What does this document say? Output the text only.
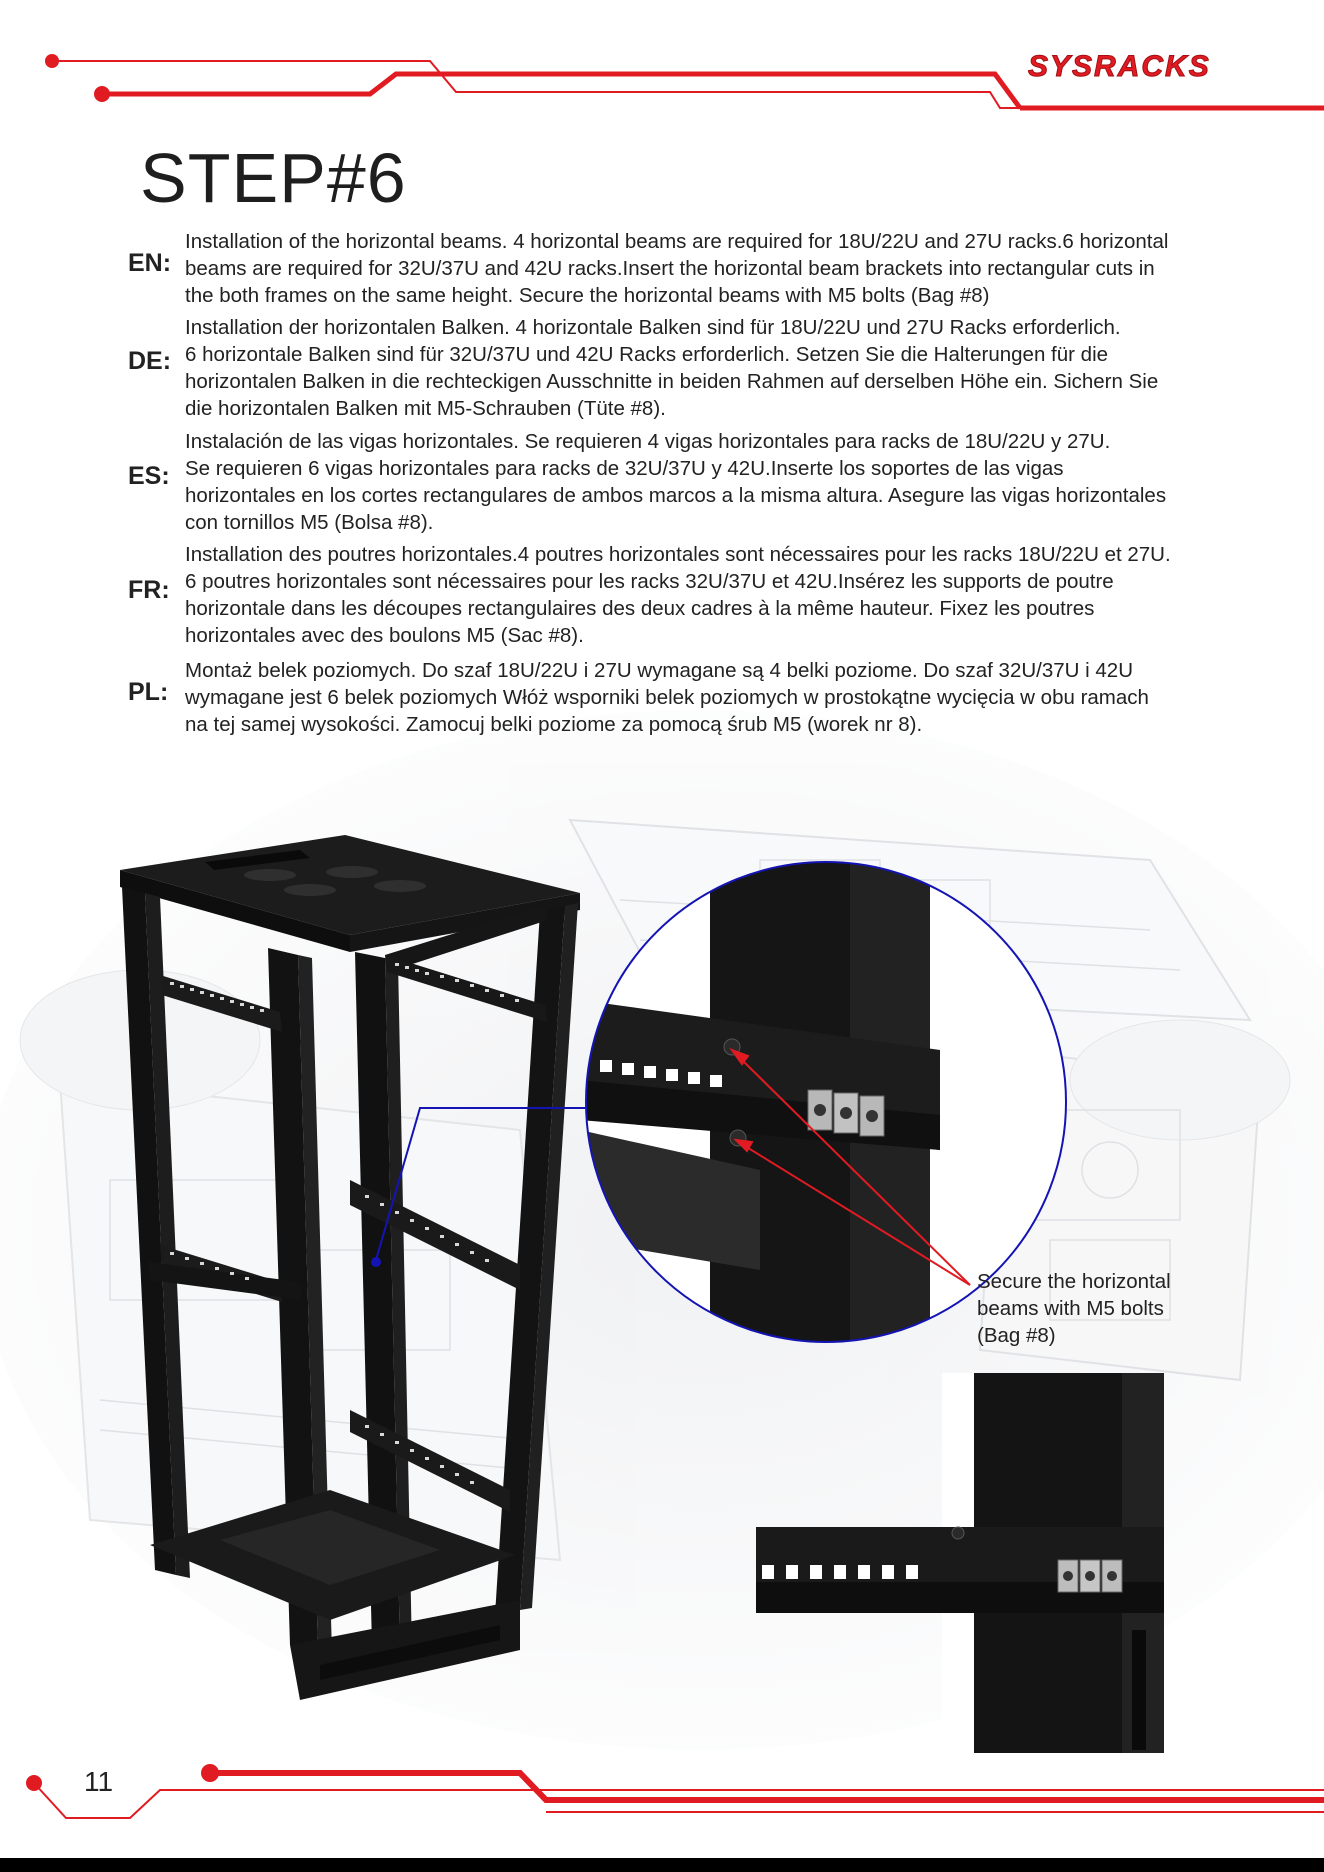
SYSRACKS
STEP#6
EN:
Installation of the horizontal beams. 4 horizontal beams are required for 18U/22U and 27U racks.6 horizontal
beams are required for 32U/37U and 42U racks.Insert the horizontal beam brackets into rectangular cuts in
the both frames on the same height. Secure the horizontal beams with M5 bolts (Bag #8)
DE:
Installation der horizontalen Balken. 4 horizontale Balken sind für 18U/22U und 27U Racks erforderlich.
6 horizontale Balken sind für 32U/37U und 42U Racks erforderlich. Setzen Sie die Halterungen für die
horizontalen Balken in die rechteckigen Ausschnitte in beiden Rahmen auf derselben Höhe ein. Sichern Sie
die horizontalen Balken mit M5-Schrauben (Tüte #8).
ES:
Instalación de las vigas horizontales. Se requieren 4 vigas horizontales para racks de 18U/22U y 27U.
Se requieren 6 vigas horizontales para racks de 32U/37U y 42U.Inserte los soportes de las vigas
horizontales en los cortes rectangulares de ambos marcos a la misma altura. Asegure las vigas horizontales
con tornillos M5 (Bolsa #8).
FR:
Installation des poutres horizontales.4 poutres horizontales sont nécessaires pour les racks 18U/22U et 27U.
6 poutres horizontales sont nécessaires pour les racks 32U/37U et 42U.Insérez les supports de poutre
horizontale dans les découpes rectangulaires des deux cadres à la même hauteur. Fixez les poutres
horizontales avec des boulons M5 (Sac #8).
PL:
Montaż belek poziomych. Do szaf 18U/22U i 27U wymagane są 4 belki poziome. Do szaf 32U/37U i 42U
wymagane jest 6 belek poziomych Włóż wsporniki belek poziomych w prostokątne wycięcia w obu ramach
na tej samej wysokości. Zamocuj belki poziome za pomocą śrub M5 (worek nr 8).
Secure the horizontal
beams with M5 bolts
(Bag #8)
11
